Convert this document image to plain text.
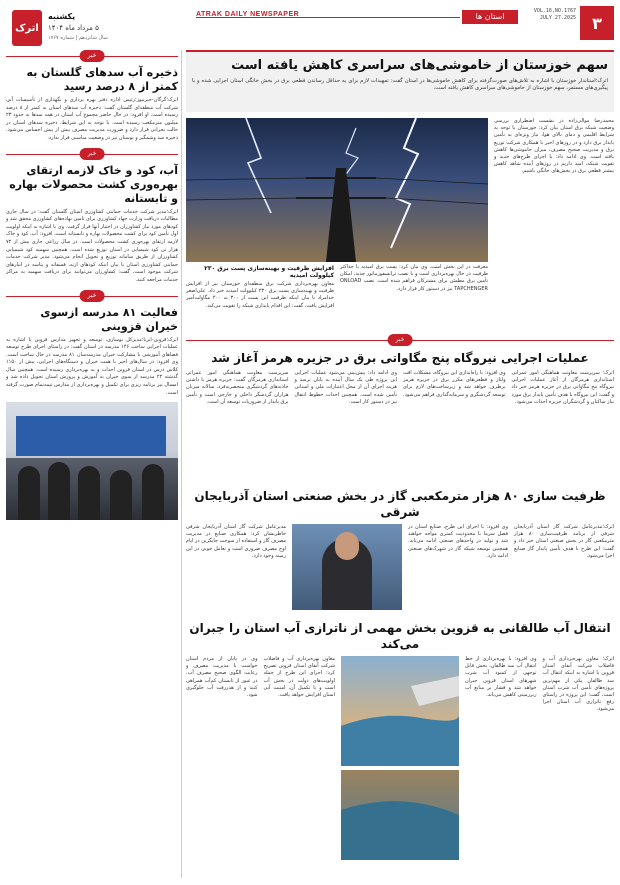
۳
VOL.16,NO.1767
JULY 27.2025
استان ها
ATRAK DAILY NEWSPAPER
اترک
یکشنبه
۵ مرداد ماه ۱۴۰۴
سال شانزدهم | شماره ۱۷۶۷
خبر
ذخیره آب سدهای گلستان به کمتر از ۸ درصد رسید
اترک؛گرگان-خبرنیوز؛رئیس اداره دفتر بهره برداری و نگهداری از تأسیسات آبی شرکت آب منطقه‌ای گلستان گفت: ذخیره آب سدهای استان به کمتر از ۸ درصد رسیده است. او افزود: در حال حاضر مجموع آب استان در همه سدها به حدود ۲۳ میلیون مترمکعب رسیده است. با توجه به این شرایط، ذخیره سدهای استان در حالت بحرانی قرار دارد و ضرورت مدیریت مصرف بیش از پیش احساس می‌شود. ذخیره سد وشمگیر و بوستان نیز در وضعیت مناسبی قرار ندارد.
خبر
آب، کود و خاک لازمه ارتقای بهره‌وری کشت محصولات بهاره و تابستانه
اترک؛مدیر شرکت خدمات حمایتی کشاورزی استان گلستان گفت: در سال جاری مطالبات دریافت وزارت جهاد کشاورزی برای تامین نهاده‌های کشاورزی محقق شد و کودهای مورد نیاز کشاورزان در اختیار آنها قرار گرفت. وی با اشاره به اینکه اولویت اول تأمین کود برای کشت محصولات بهاره و تابستانه است، افزود: آب، کود و خاک لازمه ارتقای بهره‌وری کشت محصولات است. در سال زراعی جاری بیش از ۷۲ هزار تن کود شیمیایی در استان توزیع شده است. همچنین سهمیه کود شیمیایی کشاورزان از طریق سامانه توزیع و تحویل انجام می‌شود. مدیر شرکت خدمات حمایتی کشاورزی استان با بیان اینکه کودهای ازته، فسفاته و پتاسه در انبارهای شرکت موجود است، گفت: کشاورزان می‌توانند برای دریافت سهمیه به مراکز خدمات مراجعه کنند.
خبر
فعالیت ۸۱ مدرسه ازسوی خیران قزوینی
اترک؛قزوین-ایرنا؛مدیرکل نوسازی، توسعه و تجهیز مدارس قزوین با اشاره به عملیات اجرایی ساخت ۱۴۶ مدرسه در استان گفت: در راستای اجرای طرح توسعه فضاهای آموزشی با مشارکت خیران مدرسه‌ساز، ۸۱ مدرسه در حال ساخت است. وی افزود: در سال‌های اخیر با همت خیران و دستگاه‌های اجرایی، بیش از ۱۱۵۰ کلاس درس در استان قزوین احداث و به بهره‌برداری رسیده است. همچنین سال گذشته ۲۲ مدرسه از سوی خیران به آموزش و پرورش استان تحویل داده شد و امسال نیز برنامه ریزی برای تکمیل و بهره‌برداری از مدارس نیمه‌تمام صورت گرفته است.
سهم خوزستان از خاموشی‌های سراسری کاهش یافته است
اترک؛استاندار خوزستان با اشاره به تلاش‌های صورت‌گرفته برای کاهش خاموشی‌ها در استان گفت: تمهیدات لازم برای به حداقل رساندن قطعی برق در بخش خانگی استان اجرایی شده و با پیگیری‌های مستمر، سهم خوزستان از خاموشی‌های سراسری کاهش یافته است.
محمدرضا موالی‌زاده در نشست اضطراری بررسی وضعیت شبکه برق استان بیان کرد: خوزستان با توجه به شرایط اقلیمی و دمای بالای هوا، نیاز ویژه‌ای به تأمین پایدار برق دارد و در روزهای اخیر با همکاری شرکت توزیع برق و مدیریت صحیح مصرف، میزان خاموشی‌ها کاهش یافته است. وی ادامه داد: با اجرای طرح‌های جدید و تقویت شبکه، امید داریم در روزهای آینده شاهد کاهش بیشتر قطعی برق در بخش‌های خانگی باشیم.
معرفت در این بخش است. وی بیان کرد: پست برق امیدیه با حداکثر ظرفیت در حال بهره‌برداری است و با نصب ترانسفورماتور جدید، امکان تأمین برق مطمئن برای مشترکان فراهم شده است. نصب ONLOAD TAPCHENGER نیز در دستور کار قرار دارد.
افزایش ظرفیت و بهینه‌سازی پست برق ۲۳۰ کیلوولت امیدیه
معاون بهره‌برداری شرکت برق منطقه‌ای خوزستان نیز از افزایش ظرفیت و بهینه‌سازی پست برق ۲۳۰ کیلوولت امیدیه خبر داد. علی‌اصغر خدامراد با بیان اینکه ظرفیت این پست از ۳۰۰ به ۴۰۰ مگاولت‌آمپر افزایش یافت، گفت: این اقدام پایداری شبکه را تقویت می‌کند.
خبر
عملیات اجرایی نیروگاه پنج مگاواتی برق در جزیره هرمز آغاز شد
اترک؛ سرپرست معاونت هماهنگی امور عمرانی استانداری هرمزگان از آغاز عملیات اجرایی نیروگاه پنج مگاواتی برق در جزیره هرمز خبر داد و گفت: این نیروگاه با هدف تأمین پایدار برق مورد نیاز ساکنان و گردشگران جزیره احداث می‌شود.
وی افزود: با راه‌اندازی این نیروگاه، مشکلات افت ولتاژ و قطعی‌های مکرر برق در جزیره هرمز برطرف خواهد شد و زیرساخت‌های لازم برای توسعه گردشگری و سرمایه‌گذاری فراهم می‌شود.
وی ادامه داد: پیش‌بینی می‌شود عملیات اجرایی این پروژه طی یک سال آینده به پایان برسد و هزینه اجرای آن از محل اعتبارات ملی و استانی تأمین شده است. همچنین احداث خطوط انتقال نیز در دستور کار است.
سرپرست معاونت هماهنگی امور عمرانی استانداری هرمزگان گفت: جزیره هرمز با داشتن جاذبه‌های گردشگری منحصربه‌فرد، سالانه میزبان هزاران گردشگر داخلی و خارجی است و تأمین برق پایدار از ضروریات توسعه آن است.
ظرفیت سازی ۸۰ هزار مترمکعبی گاز در بخش صنعتی استان آذربایجان شرقی
اترک؛مدیرعامل شرکت گاز استان آذربایجان شرقی از برنامه ظرفیت‌سازی ۸۰ هزار مترمکعبی گاز در بخش صنعتی استان خبر داد و گفت: این طرح با هدف تأمین پایدار گاز صنایع اجرا می‌شود.
وی افزود: با اجرای این طرح، صنایع استان در فصل سرما با محدودیت کمتری مواجه خواهند شد و تولید در واحدهای صنعتی ادامه می‌یابد. همچنین توسعه شبکه گاز در شهرک‌های صنعتی ادامه دارد.
مدیرعامل شرکت گاز استان آذربایجان شرقی خاطرنشان کرد: همکاری صنایع در مدیریت مصرف گاز و استفاده از سوخت جایگزین در ایام اوج مصرف ضروری است و تعامل خوبی در این زمینه وجود دارد.
انتقال آب طالقانی به قزوین بخش مهمی از ناترازی آب استان را جبران می‌کند
اترک؛ معاون بهره‌برداری آب و فاضلاب شرکت آبفای استان قزوین با اشاره به اینکه انتقال آب سد طالقان یکی از مهم‌ترین پروژه‌های تأمین آب شرب استان است، گفت: این پروژه در راستای رفع ناترازی آب استان اجرا می‌شود.
وی افزود: با بهره‌برداری از خط انتقال آب سد طالقان، بخش قابل توجهی از کمبود آب شرب شهرهای استان قزوین جبران خواهد شد و فشار بر منابع آب زیرزمینی کاهش می‌یابد.
معاون بهره‌برداری آب و فاضلاب شرکت آبفای استان قزوین تصریح کرد: اجرای این طرح از جمله اولویت‌های دولت در بخش آب است و با تکمیل آن، امنیت آبی استان افزایش خواهد یافت.
وی در پایان از مردم استان خواست با مدیریت مصرف و رعایت الگوی صحیح مصرف آب، در عبور از تابستان کم‌آب همراهی کنند و از هدررفت آب جلوگیری شود.
